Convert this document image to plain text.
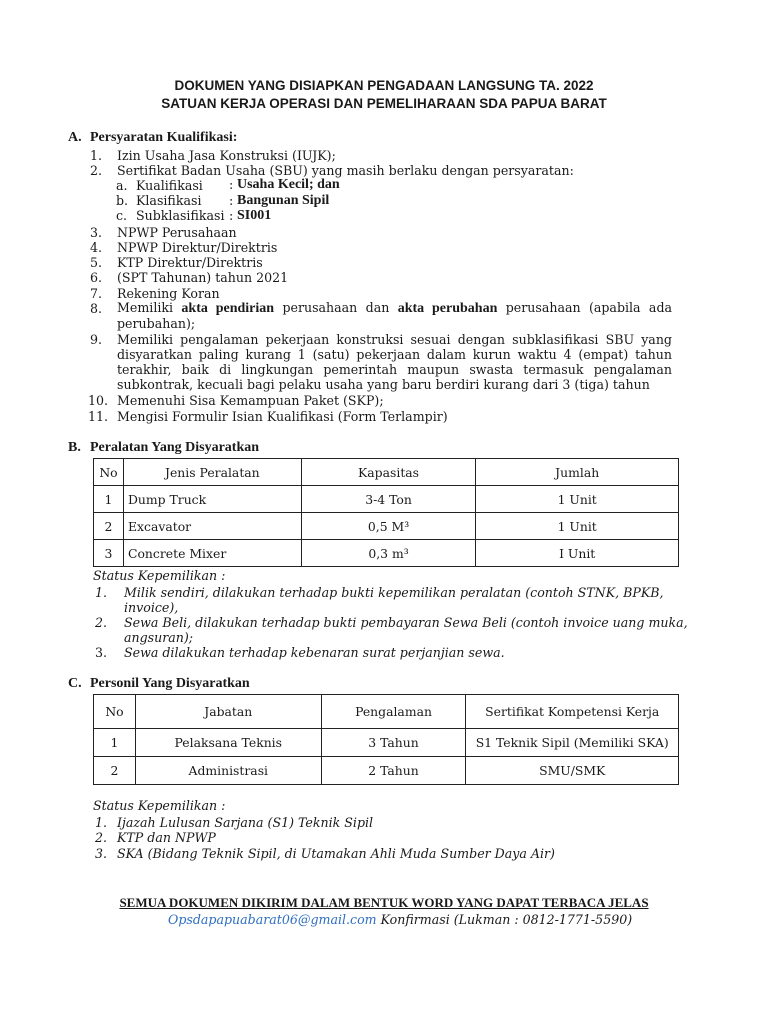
DOKUMEN YANG DISIAPKAN PENGADAAN LANGSUNG TA. 2022
SATUAN KERJA OPERASI DAN PEMELIHARAAN SDA PAPUA BARAT
A. Persyaratan Kualifikasi:
1.	Izin Usaha Jasa Konstruksi (IUJK);
2.	Sertifikat Badan Usaha (SBU) yang masih berlaku dengan persyaratan:
a. Kualifikasi : Usaha Kecil; dan
b. Klasifikasi : Bangunan Sipil
c. Subklasifikasi : SI001
3.	NPWP Perusahaan
4.	NPWP Direktur/Direktris
5.	KTP Direktur/Direktris
6.	(SPT Tahunan) tahun 2021
7.	Rekening Koran
8.	Memiliki akta pendirian perusahaan dan akta perubahan perusahaan (apabila ada perubahan);
9.	Memiliki pengalaman pekerjaan konstruksi sesuai dengan subklasifikasi SBU yang disyaratkan paling kurang 1 (satu) pekerjaan dalam kurun waktu 4 (empat) tahun terakhir, baik di lingkungan pemerintah maupun swasta termasuk pengalaman subkontrak, kecuali bagi pelaku usaha yang baru berdiri kurang dari 3 (tiga) tahun
10. Memenuhi Sisa Kemampuan Paket (SKP);
11. Mengisi Formulir Isian Kualifikasi (Form Terlampir)
B. Peralatan Yang Disyaratkan
No	Jenis Peralatan	Kapasitas	Jumlah
1	Dump Truck	3-4 Ton	1 Unit
2	Excavator	0,5 M³	1 Unit
3	Concrete Mixer	0,3 m³	I Unit
Status Kepemilikan :
1. Milik sendiri, dilakukan terhadap bukti kepemilikan peralatan (contoh STNK, BPKB,
invoice),
2. Sewa Beli, dilakukan terhadap bukti pembayaran Sewa Beli (contoh invoice uang muka,
angsuran);
3. Sewa dilakukan terhadap kebenaran surat perjanjian sewa.
C. Personil Yang Disyaratkan
No	Jabatan	Pengalaman	Sertifikat Kompetensi Kerja
1	Pelaksana Teknis	3 Tahun	S1 Teknik Sipil (Memiliki SKA)
2	Administrasi	2 Tahun	SMU/SMK
Status Kepemilikan :
1. Ijazah Lulusan Sarjana (S1) Teknik Sipil
2. KTP dan NPWP
3. SKA (Bidang Teknik Sipil, di Utamakan Ahli Muda Sumber Daya Air)
SEMUA DOKUMEN DIKIRIM DALAM BENTUK WORD YANG DAPAT TERBACA JELAS
Opsdapapuabarat06@gmail.com Konfirmasi (Lukman : 0812-1771-5590)
